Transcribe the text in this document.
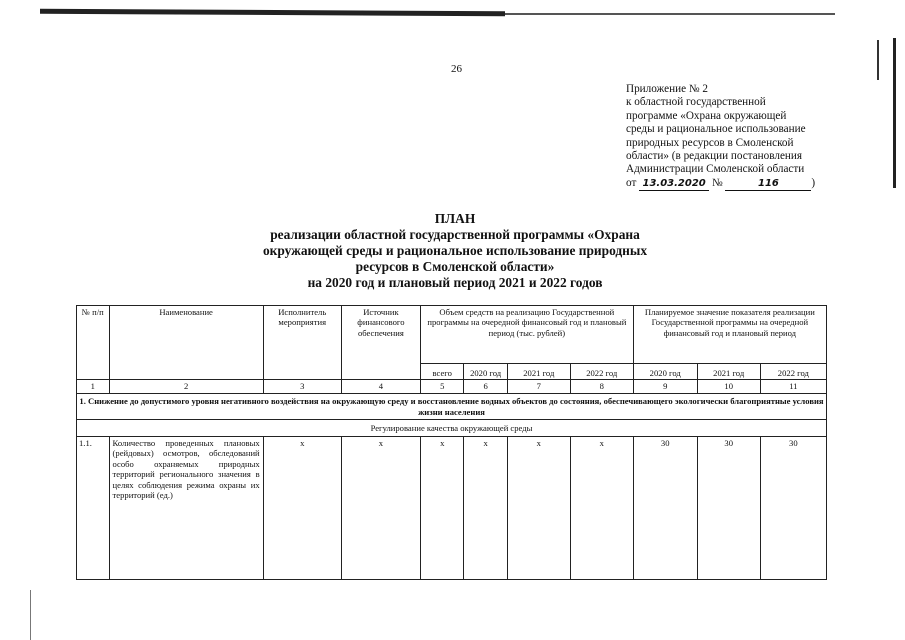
26
Приложение № 2
к областной государственной
программе «Охрана окружающей
среды и рациональное использование
природных ресурсов в Смоленской
области» (в редакции постановления
Администрации Смоленской области
от 13.03.2020 №	116	)
ПЛАН
реализации областной государственной программы «Охрана
окружающей среды и рациональное использование природных
ресурсов в Смоленской области»
на 2020 год и плановый период 2021 и 2022 годов
№ п/п	Наименование	Исполнитель мероприятия	Источник финансового обеспечения	Объем средств на реализацию Государственной программы на очередной финансовый год и плановый период (тыс. рублей)				Планируемое значение показателя реализации Государственной программы на очередной финансовый год и плановый период		
				всего	2020 год	2021 год	2022 год	2020 год	2021 год	2022 год
1	2	3	4	5	6	7	8	9	10	11
1. Снижение до допустимого уровня негативного воздействия на окружающую среду и восстановление водных объектов до состояния, обеспечивающего экологически благоприятные условия жизни населения										
Регулирование качества окружающей среды										
1.1.	Количество проведенных плановых (рейдовых) осмотров, обследований особо охраняемых природных территорий регионального значения в целях соблюдения режима охраны их территорий (ед.)	х	х	х	х	х	х	30	30	30
